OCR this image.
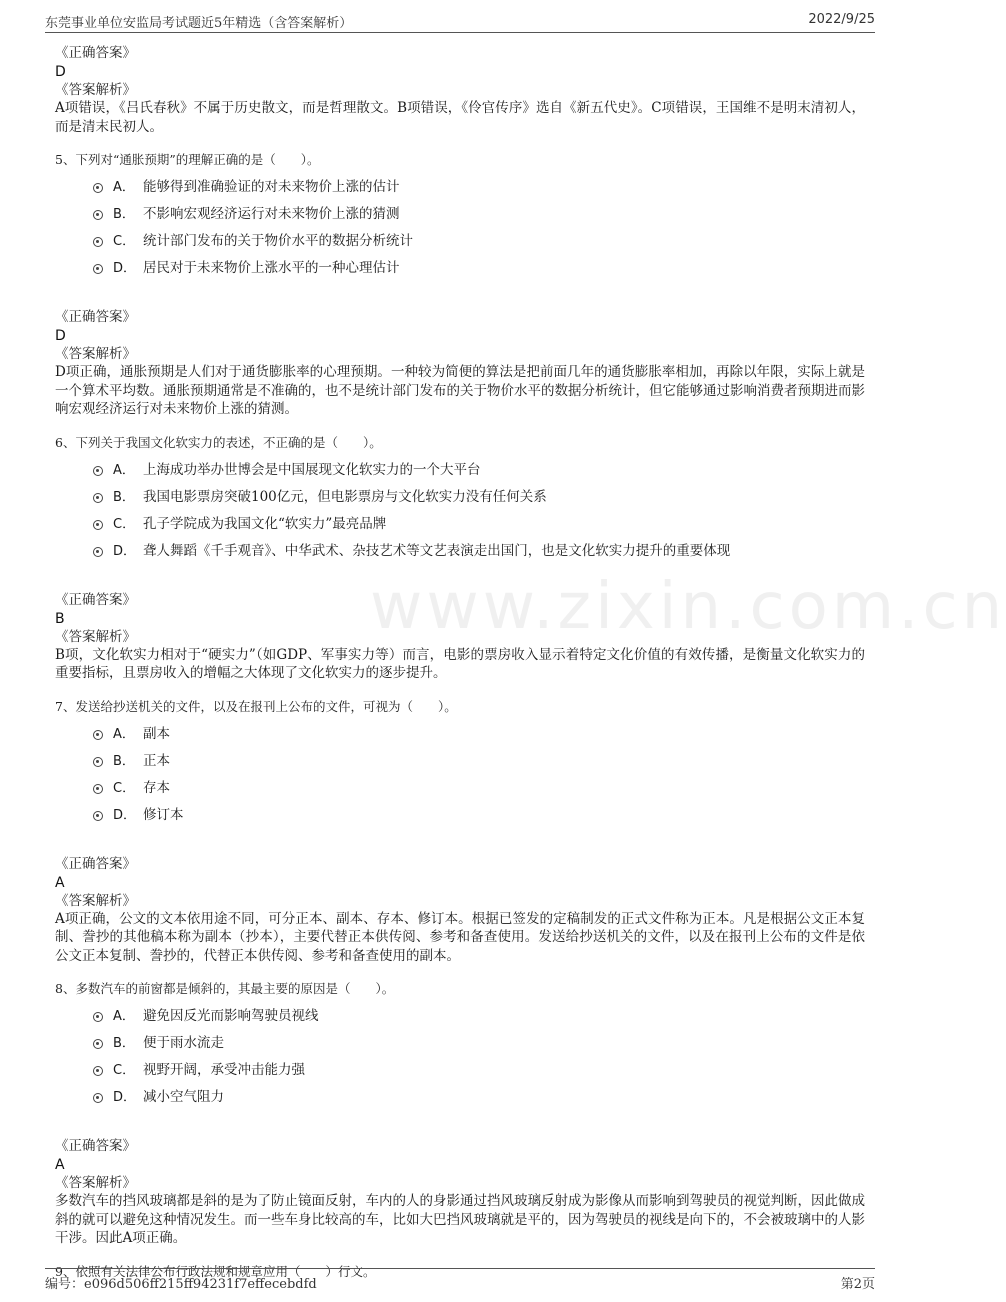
www.zixin.com.cn
东莞事业单位安监局考试题近5年精选（含答案解析）	2022/9/25
《正确答案》
D
《答案解析》
A项错误，《吕氏春秋》不属于历史散文，而是哲理散文。B项错误，《伶官传序》选自《新五代史》。C项错误，王国维不是明末清初人，而是清末民初人。
5、下列对“通胀预期”的理解正确的是（　　）。
A． 能够得到准确验证的对未来物价上涨的估计
B． 不影响宏观经济运行对未来物价上涨的猜测
C． 统计部门发布的关于物价水平的数据分析统计
D． 居民对于未来物价上涨水平的一种心理估计
《正确答案》
D
《答案解析》
D项正确，通胀预期是人们对于通货膨胀率的心理预期。一种较为简便的算法是把前面几年的通货膨胀率相加，再除以年限，实际上就是一个算术平均数。通胀预期通常是不准确的，也不是统计部门发布的关于物价水平的数据分析统计，但它能够通过影响消费者预期进而影响宏观经济运行对未来物价上涨的猜测。
6、下列关于我国文化软实力的表述，不正确的是（　　）。
A． 上海成功举办世博会是中国展现文化软实力的一个大平台
B． 我国电影票房突破100亿元，但电影票房与文化软实力没有任何关系
C． 孔子学院成为我国文化“软实力”最亮品牌
D． 聋人舞蹈《千手观音》、中华武术、杂技艺术等文艺表演走出国门，也是文化软实力提升的重要体现
《正确答案》
B
《答案解析》
B项，文化软实力相对于“硬实力”（如GDP、军事实力等）而言，电影的票房收入显示着特定文化价值的有效传播，是衡量文化软实力的重要指标，且票房收入的增幅之大体现了文化软实力的逐步提升。
7、发送给抄送机关的文件，以及在报刊上公布的文件，可视为（　　）。
A． 副本
B． 正本
C． 存本
D． 修订本
《正确答案》
A
《答案解析》
A项正确，公文的文本依用途不同，可分正本、副本、存本、修订本。根据已签发的定稿制发的正式文件称为正本。凡是根据公文正本复制、誊抄的其他稿本称为副本（抄本），主要代替正本供传阅、参考和备查使用。发送给抄送机关的文件，以及在报刊上公布的文件是依公文正本复制、誊抄的，代替正本供传阅、参考和备查使用的副本。
8、多数汽车的前窗都是倾斜的，其最主要的原因是（　　）。
A． 避免因反光而影响驾驶员视线
B． 便于雨水流走
C． 视野开阔，承受冲击能力强
D． 减小空气阻力
《正确答案》
A
《答案解析》
多数汽车的挡风玻璃都是斜的是为了防止镜面反射，车内的人的身影通过挡风玻璃反射成为影像从而影响到驾驶员的视觉判断，因此做成斜的就可以避免这种情况发生。而一些车身比较高的车，比如大巴挡风玻璃就是平的，因为驾驶员的视线是向下的，不会被玻璃中的人影干涉。因此A项正确。
9、依照有关法律公布行政法规和规章应用（　　）行文。
编号：e096d506ff215ff94231f7effecebdfd	第2页
